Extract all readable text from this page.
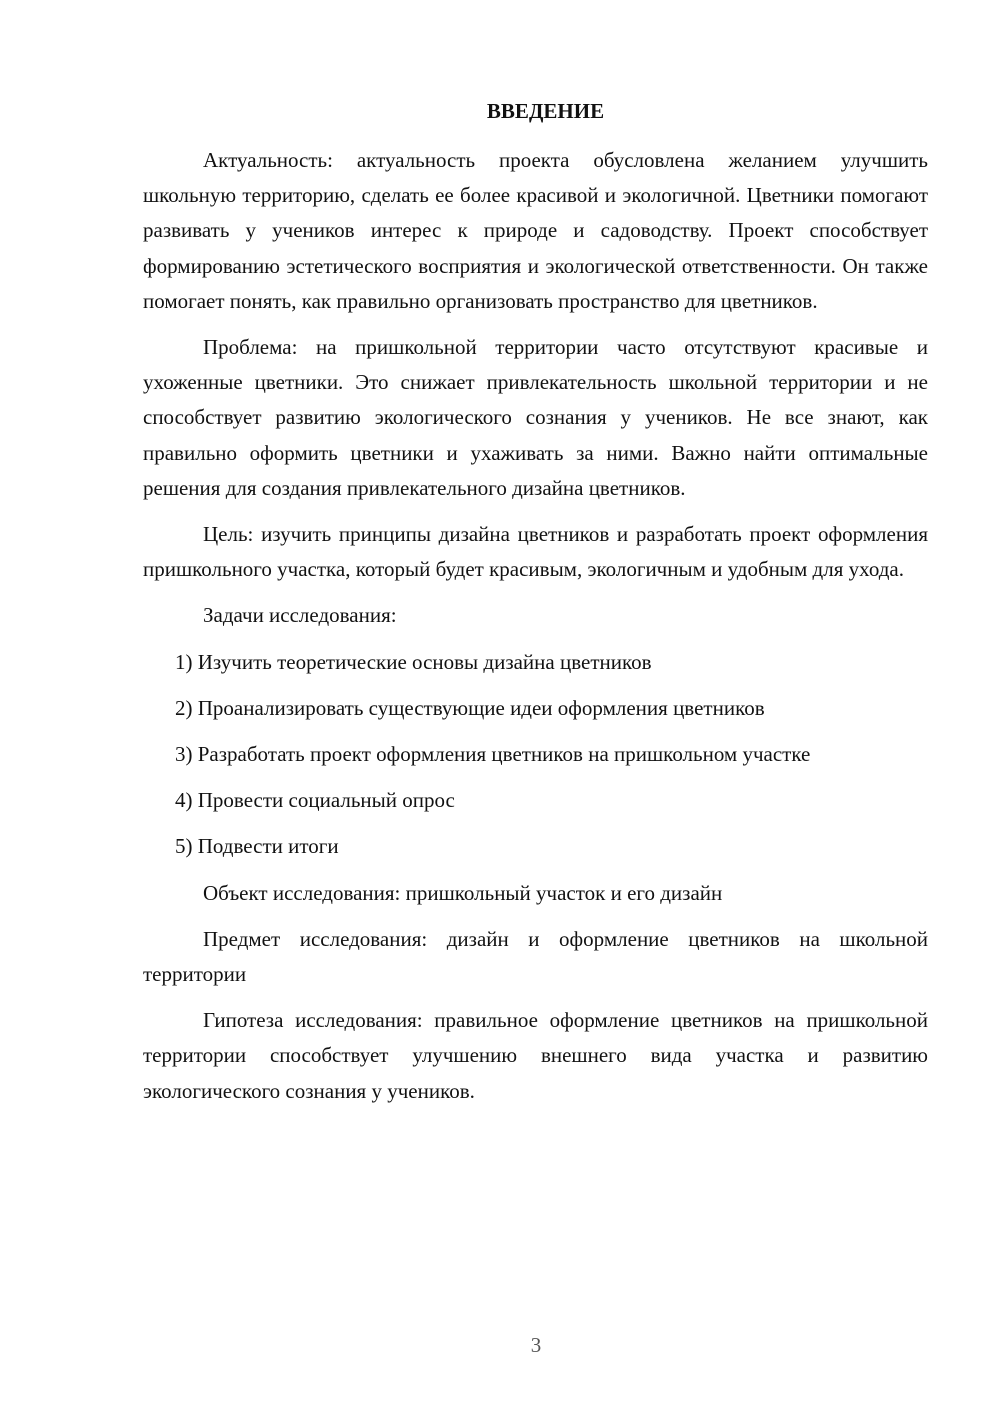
ВВЕДЕНИЕ

Актуальность: актуальность проекта обусловлена желанием улучшить школьную территорию, сделать ее более красивой и экологичной. Цветники помогают развивать у учеников интерес к природе и садоводству. Проект способствует формированию эстетического восприятия и экологической ответственности. Он также помогает понять, как правильно организовать пространство для цветников.

Проблема: на пришкольной территории часто отсутствуют красивые и ухоженные цветники. Это снижает привлекательность школьной территории и не способствует развитию экологического сознания у учеников. Не все знают, как правильно оформить цветники и ухаживать за ними. Важно найти оптимальные решения для создания привлекательного дизайна цветников.

Цель: изучить принципы дизайна цветников и разработать проект оформления пришкольного участка, который будет красивым, экологичным и удобным для ухода.

Задачи исследования:

1) Изучить теоретические основы дизайна цветников

2) Проанализировать существующие идеи оформления цветников

3) Разработать проект оформления цветников на пришкольном участке

4) Провести социальный опрос

5) Подвести итоги

Объект исследования: пришкольный участок и его дизайн

Предмет исследования: дизайн и оформление цветников на школьной территории

Гипотеза исследования: правильное оформление цветников на пришкольной территории способствует улучшению внешнего вида участка и развитию экологического сознания у учеников.

3
